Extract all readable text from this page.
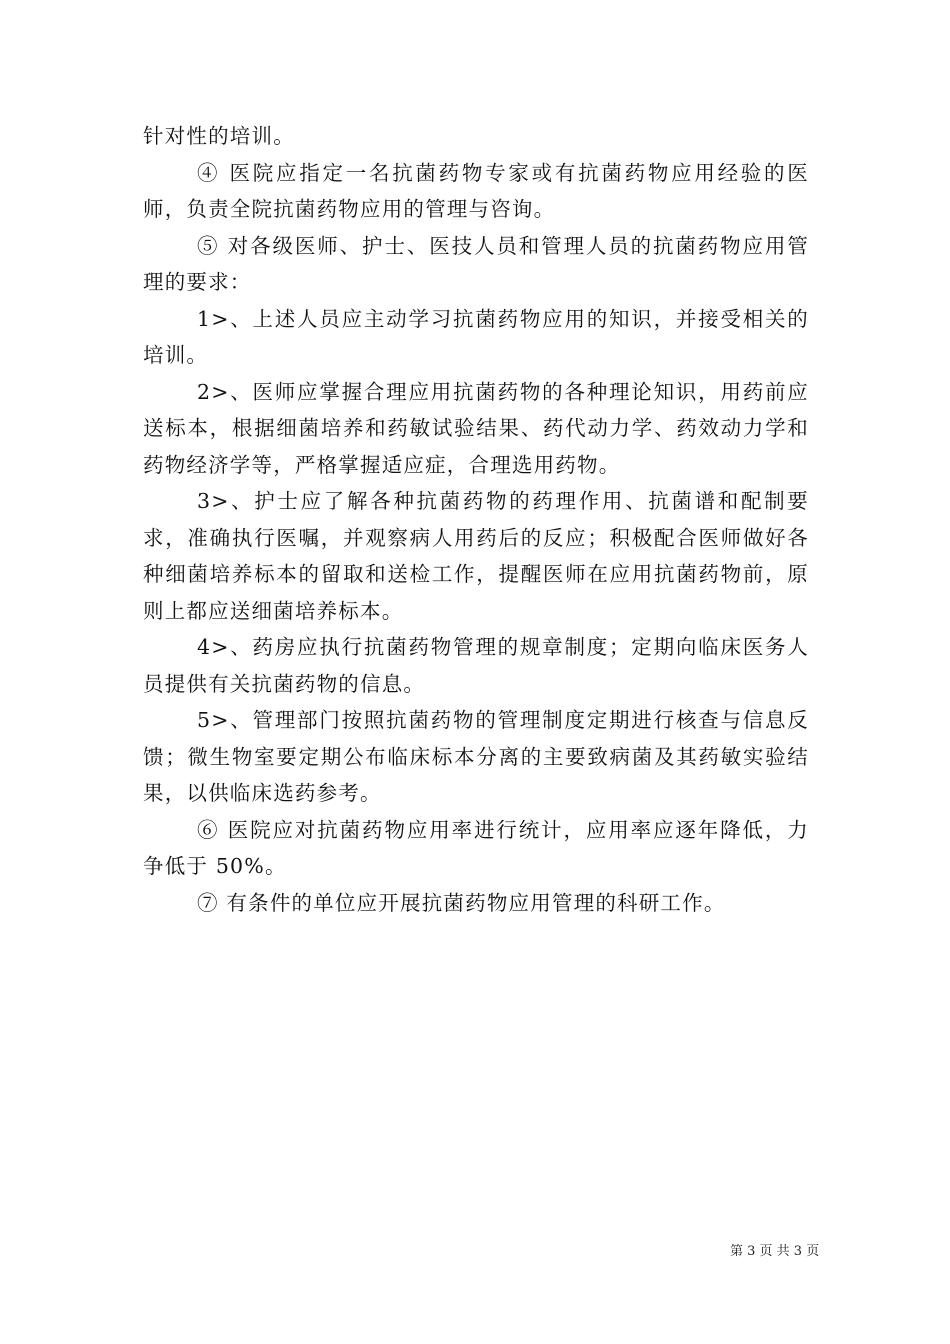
针对性的培训。

④ 医院应指定一名抗菌药物专家或有抗菌药物应用经验的医师，负责全院抗菌药物应用的管理与咨询。

⑤ 对各级医师、护士、医技人员和管理人员的抗菌药物应用管理的要求：

1>、上述人员应主动学习抗菌药物应用的知识，并接受相关的培训。

2>、医师应掌握合理应用抗菌药物的各种理论知识，用药前应送标本，根据细菌培养和药敏试验结果、药代动力学、药效动力学和药物经济学等，严格掌握适应症，合理选用药物。

3>、护士应了解各种抗菌药物的药理作用、抗菌谱和配制要求，准确执行医嘱，并观察病人用药后的反应；积极配合医师做好各种细菌培养标本的留取和送检工作，提醒医师在应用抗菌药物前，原则上都应送细菌培养标本。

4>、药房应执行抗菌药物管理的规章制度；定期向临床医务人员提供有关抗菌药物的信息。

5>、管理部门按照抗菌药物的管理制度定期进行核查与信息反馈；微生物室要定期公布临床标本分离的主要致病菌及其药敏实验结果，以供临床选药参考。

⑥ 医院应对抗菌药物应用率进行统计，应用率应逐年降低，力争低于 50%。

⑦ 有条件的单位应开展抗菌药物应用管理的科研工作。

第 3 页 共 3 页
